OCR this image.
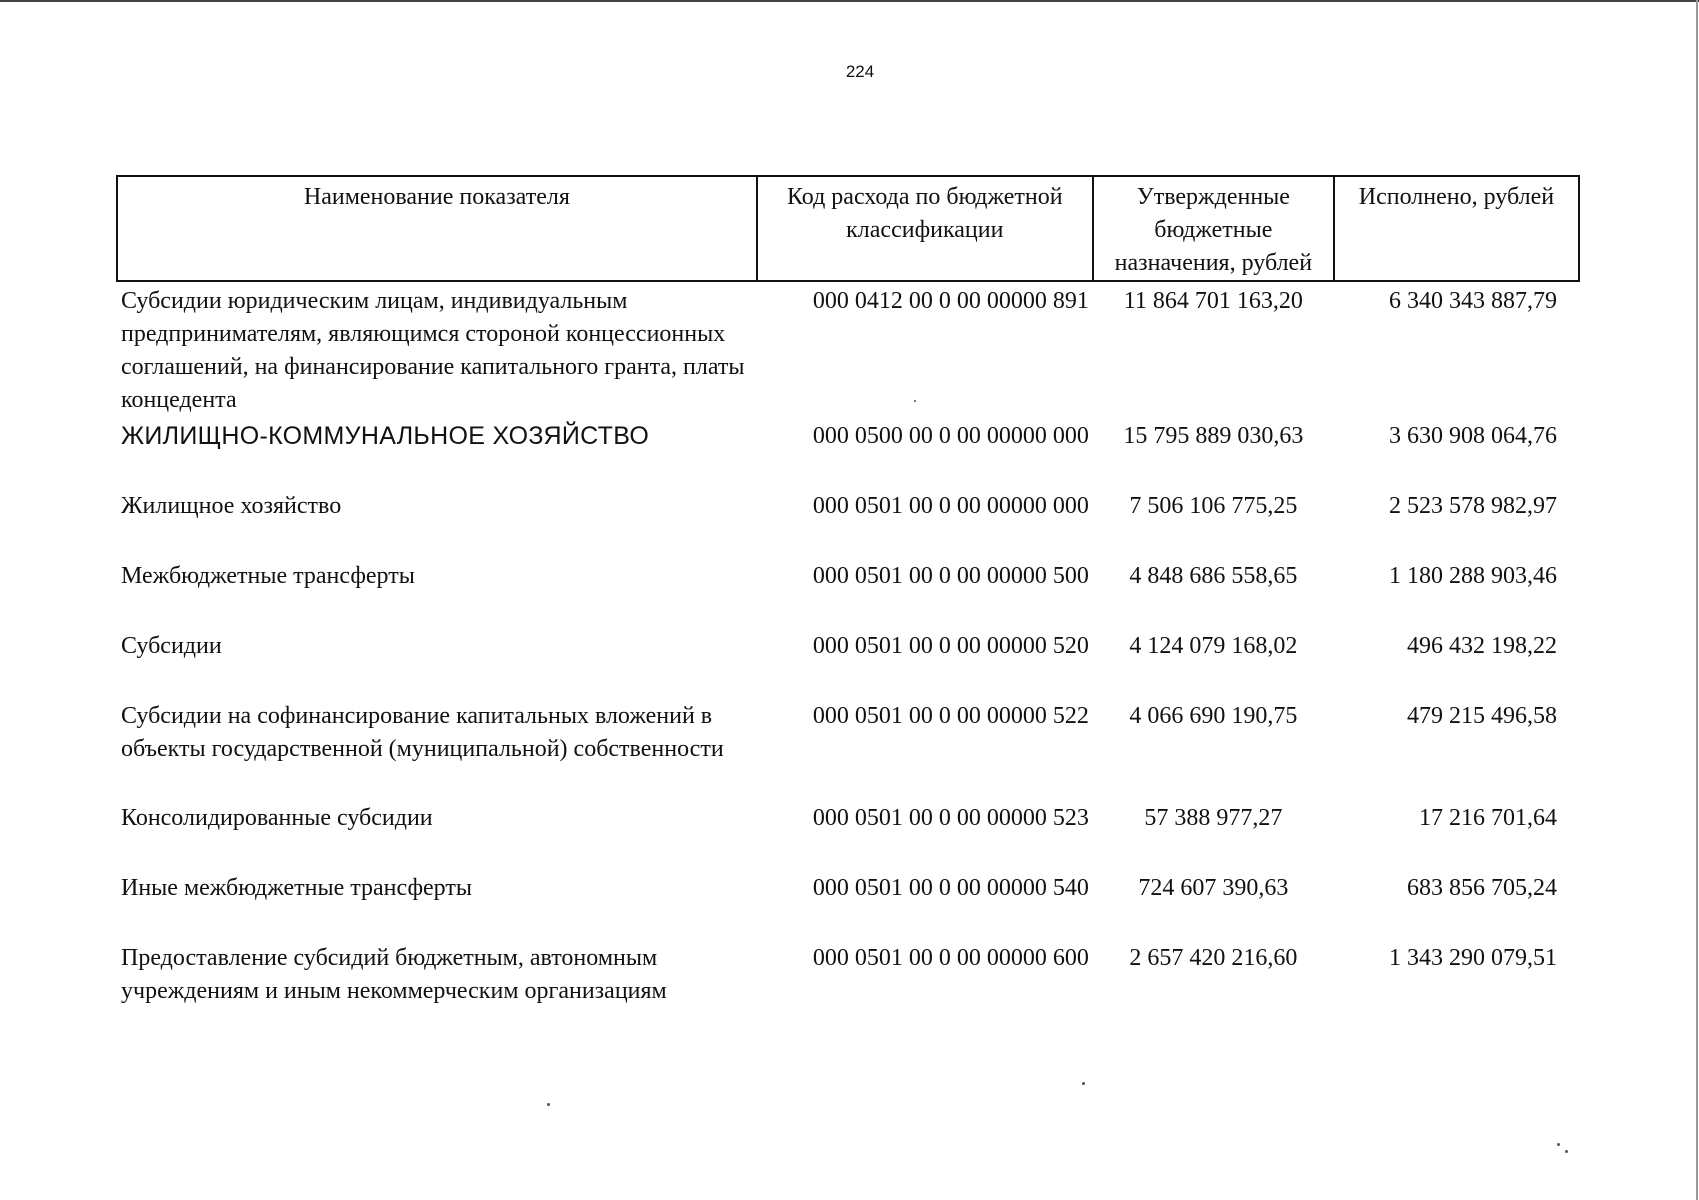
224
Наименование показателя	Код расхода по бюджетной классификации	Утвержденные бюджетные назначения, рублей	Исполнено, рублей
Субсидии юридическим лицам, индивидуальным предпринимателям, являющимся стороной концессионных соглашений, на финансирование капитального гранта, платы концедента	000 0412 00 0 00 00000 891	11 864 701 163,20	6 340 343 887,79
ЖИЛИЩНО-КОММУНАЛЬНОЕ ХОЗЯЙСТВО	000 0500 00 0 00 00000 000	15 795 889 030,63	3 630 908 064,76
Жилищное хозяйство	000 0501 00 0 00 00000 000	7 506 106 775,25	2 523 578 982,97
Межбюджетные трансферты	000 0501 00 0 00 00000 500	4 848 686 558,65	1 180 288 903,46
Субсидии	000 0501 00 0 00 00000 520	4 124 079 168,02	496 432 198,22
Субсидии на софинансирование капитальных вложений в объекты государственной (муниципальной) собственности	000 0501 00 0 00 00000 522	4 066 690 190,75	479 215 496,58
Консолидированные субсидии	000 0501 00 0 00 00000 523	57 388 977,27	17 216 701,64
Иные межбюджетные трансферты	000 0501 00 0 00 00000 540	724 607 390,63	683 856 705,24
Предоставление субсидий бюджетным, автономным учреждениям и иным некоммерческим организациям	000 0501 00 0 00 00000 600	2 657 420 216,60	1 343 290 079,51
